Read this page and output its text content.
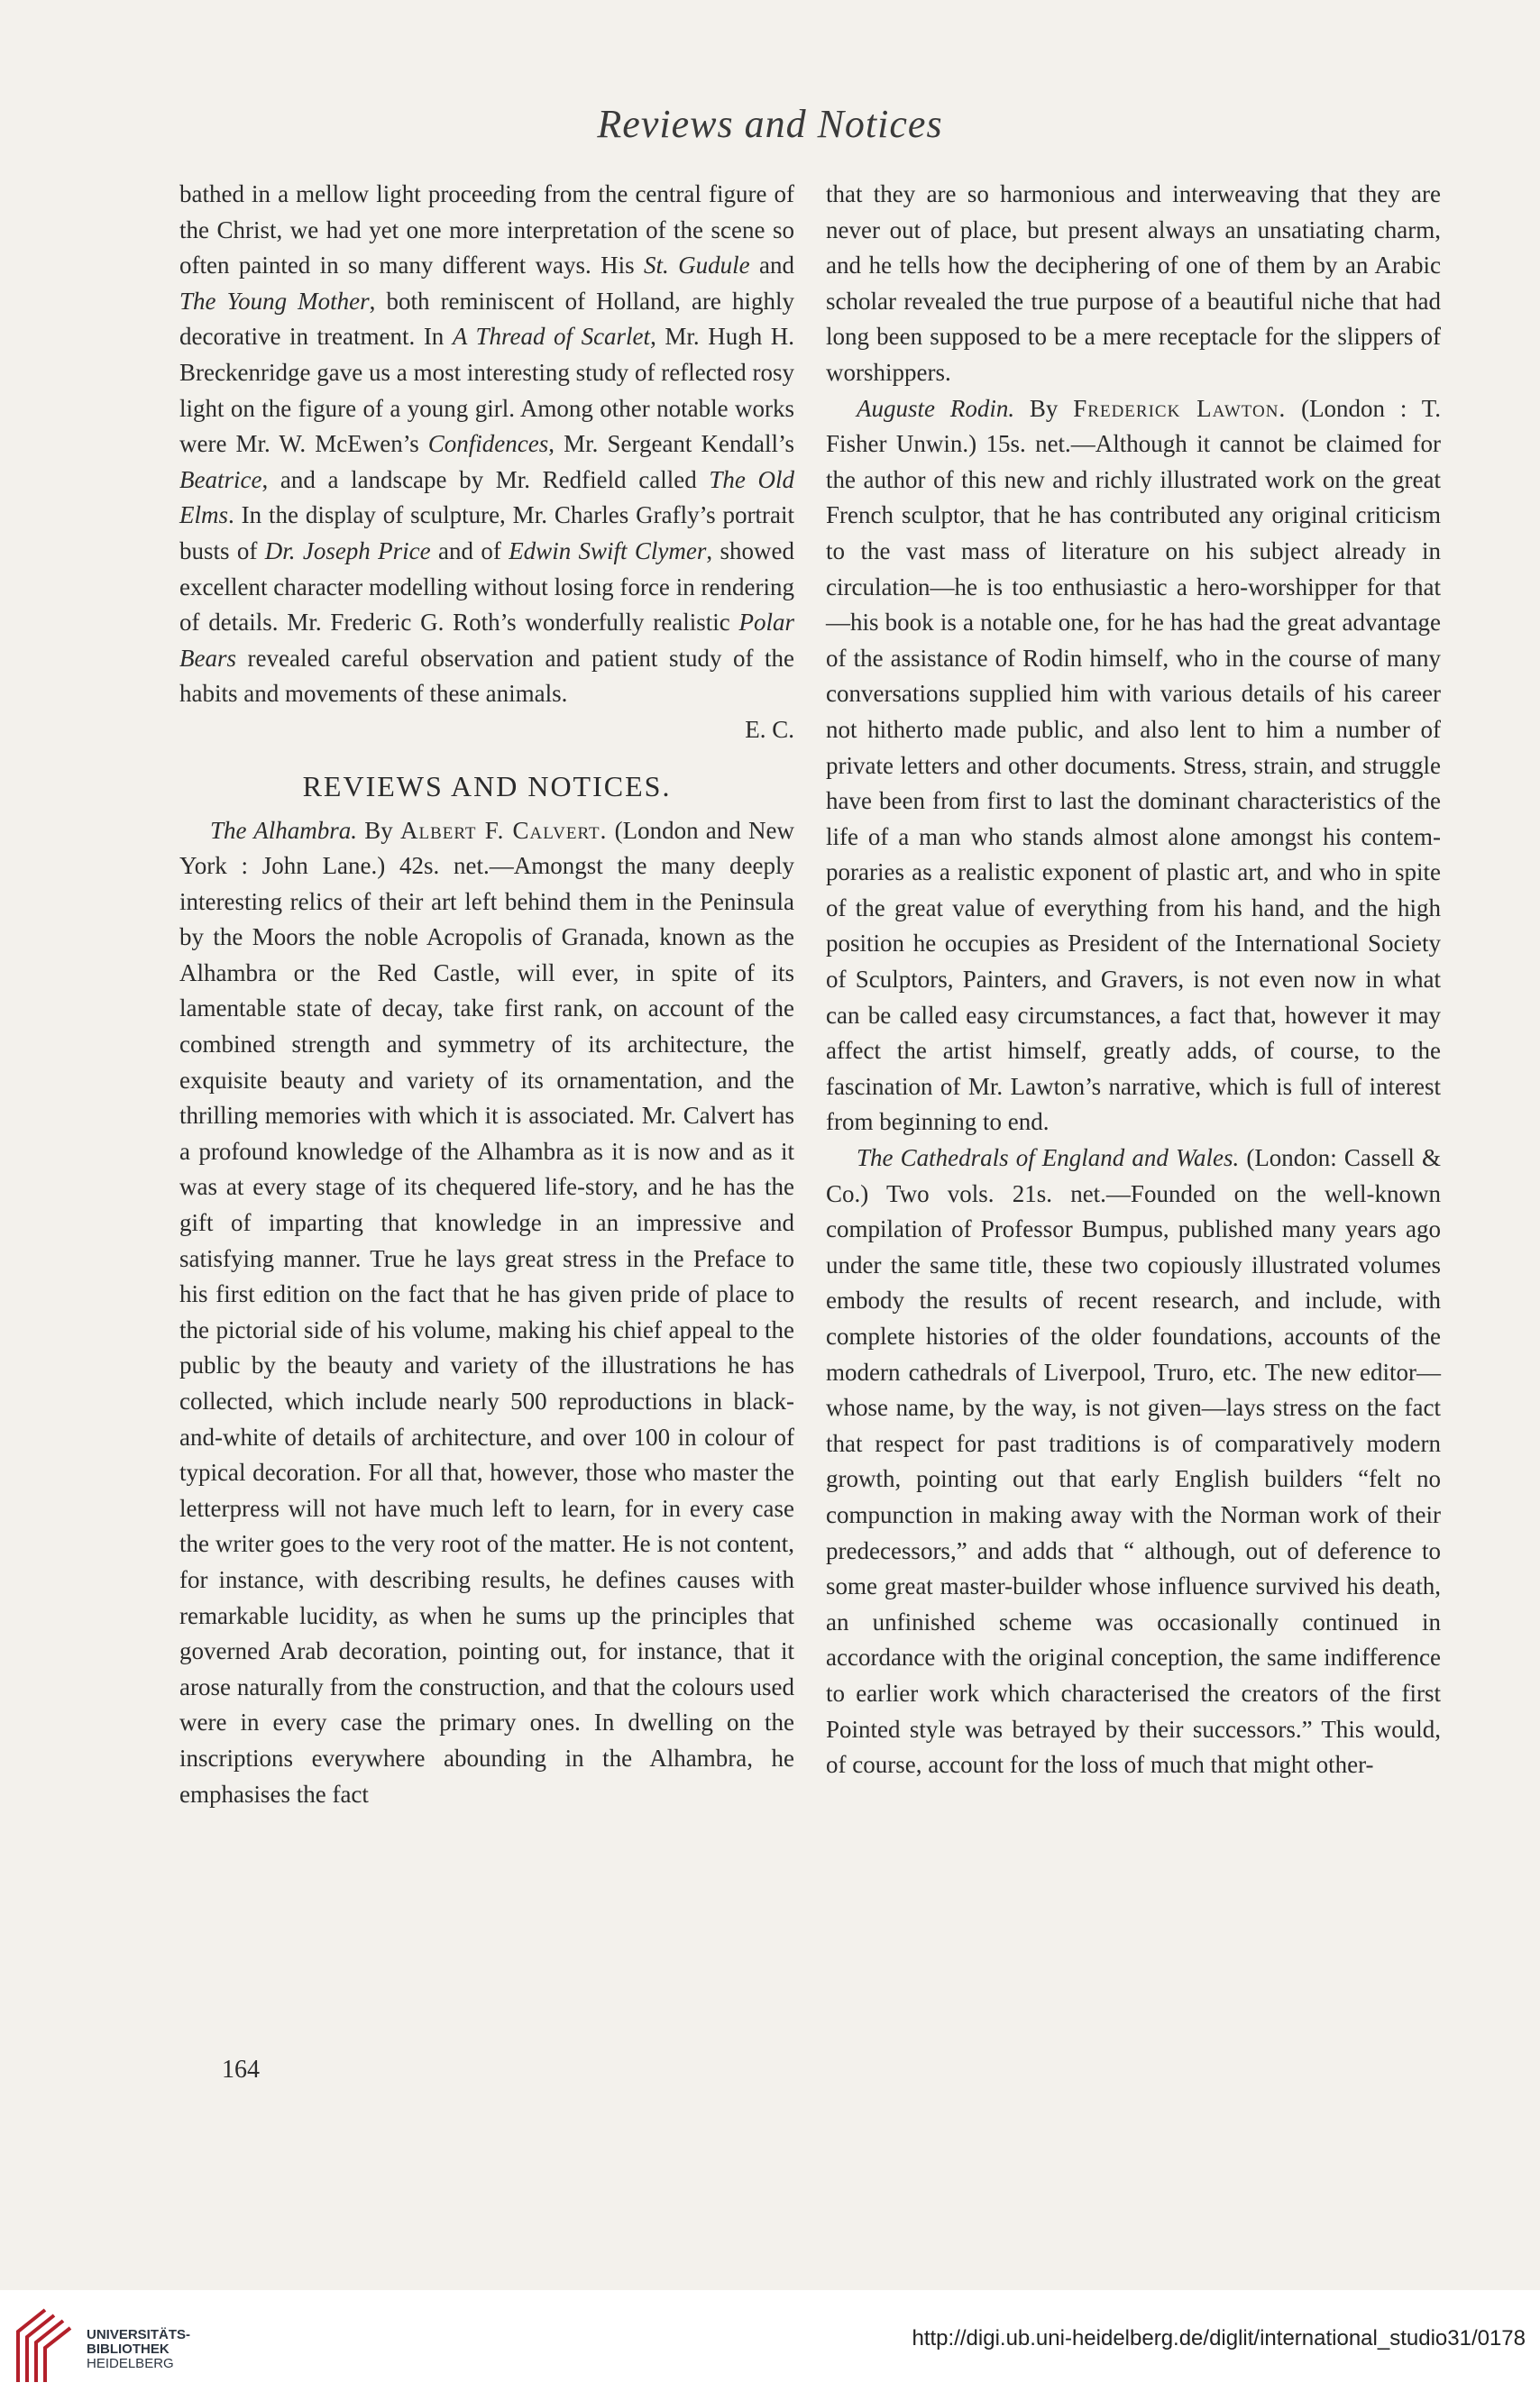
Reviews and Notices

bathed in a mellow light proceeding from the central figure of the Christ, we had yet one more interpretation of the scene so often painted in so many different ways. His St. Gudule and The Young Mother, both reminiscent of Holland, are highly decorative in treatment. In A Thread of Scarlet, Mr. Hugh H. Breckenridge gave us a most interesting study of reflected rosy light on the figure of a young girl. Among other notable works were Mr. W. McEwen’s Confidences, Mr. Sergeant Kendall’s Beatrice, and a landscape by Mr. Redfield called The Old Elms. In the display of sculpture, Mr. Charles Grafly’s portrait busts of Dr. Joseph Price and of Edwin Swift Clymer, showed excellent character modelling without losing force in rendering of details. Mr. Frederic G. Roth’s wonderfully realistic Polar Bears revealed careful observation and patient study of the habits and movements of these animals.

E. C.
REVIEWS AND NOTICES.

The Alhambra. By Albert F. Calvert. (London and New York : John Lane.) 42s. net.—Amongst the many deeply interesting relics of their art left behind them in the Peninsula by the Moors the noble Acropolis of Granada, known as the Alhambra or the Red Castle, will ever, in spite of its lamentable state of decay, take first rank, on account of the combined strength and symmetry of its architecture, the exquisite beauty and variety of its ornamentation, and the thrilling memories with which it is associated. Mr. Calvert has a profound knowledge of the Alhambra as it is now and as it was at every stage of its chequered life-story, and he has the gift of imparting that knowledge in an impressive and satisfying manner. True he lays great stress in the Preface to his first edition on the fact that he has given pride of place to the pictorial side of his volume, making his chief appeal to the public by the beauty and variety of the illustrations he has collected, which include nearly 500 reproductions in black-and-white of details of architecture, and over 100 in colour of typical decoration. For all that, however, those who master the letterpress will not have much left to learn, for in every case the writer goes to the very root of the matter. He is not content, for instance, with describing results, he defines causes with remarkable lucidity, as when he sums up the principles that governed Arab decoration, pointing out, for instance, that it arose naturally from the construction, and that the colours used were in every case the primary ones. In dwelling on the inscriptions everywhere abounding in the Alhambra, he emphasises the fact

that they are so harmonious and interweaving that they are never out of place, but present always an unsatiating charm, and he tells how the deciphering of one of them by an Arabic scholar revealed the true purpose of a beautiful niche that had long been supposed to be a mere receptacle for the slippers of worshippers.

Auguste Rodin. By Frederick Lawton. (London : T. Fisher Unwin.) 15s. net.—Although it cannot be claimed for the author of this new and richly illustrated work on the great French sculptor, that he has contributed any original criticism to the vast mass of literature on his subject already in circulation—he is too enthusiastic a hero-worshipper for that—his book is a notable one, for he has had the great advantage of the assistance of Rodin himself, who in the course of many conversations supplied him with various details of his career not hitherto made public, and also lent to him a number of private letters and other documents. Stress, strain, and struggle have been from first to last the dominant characteristics of the life of a man who stands almost alone amongst his contemporaries as a realistic exponent of plastic art, and who in spite of the great value of everything from his hand, and the high position he occupies as President of the International Society of Sculptors, Painters, and Gravers, is not even now in what can be called easy circumstances, a fact that, however it may affect the artist himself, greatly adds, of course, to the fascination of Mr. Lawton’s narrative, which is full of interest from beginning to end.

The Cathedrals of England and Wales. (London: Cassell & Co.) Two vols. 21s. net.—Founded on the well-known compilation of Professor Bumpus, published many years ago under the same title, these two copiously illustrated volumes embody the results of recent research, and include, with complete histories of the older foundations, accounts of the modern cathedrals of Liverpool, Truro, etc. The new editor—whose name, by the way, is not given—lays stress on the fact that respect for past traditions is of comparatively modern growth, pointing out that early English builders “felt no compunction in making away with the Norman work of their predecessors,” and adds that “ although, out of deference to some great master-builder whose influence survived his death, an unfinished scheme was occasionally continued in accordance with the original conception, the same indifference to earlier work which characterised the creators of the first Pointed style was betrayed by their successors.” This would, of course, account for the loss of much that might other-

164
UNIVERSITÄTS-
BIBLIOTHEK
HEIDELBERG
http://digi.ub.uni-heidelberg.de/diglit/international_studio31/0178
